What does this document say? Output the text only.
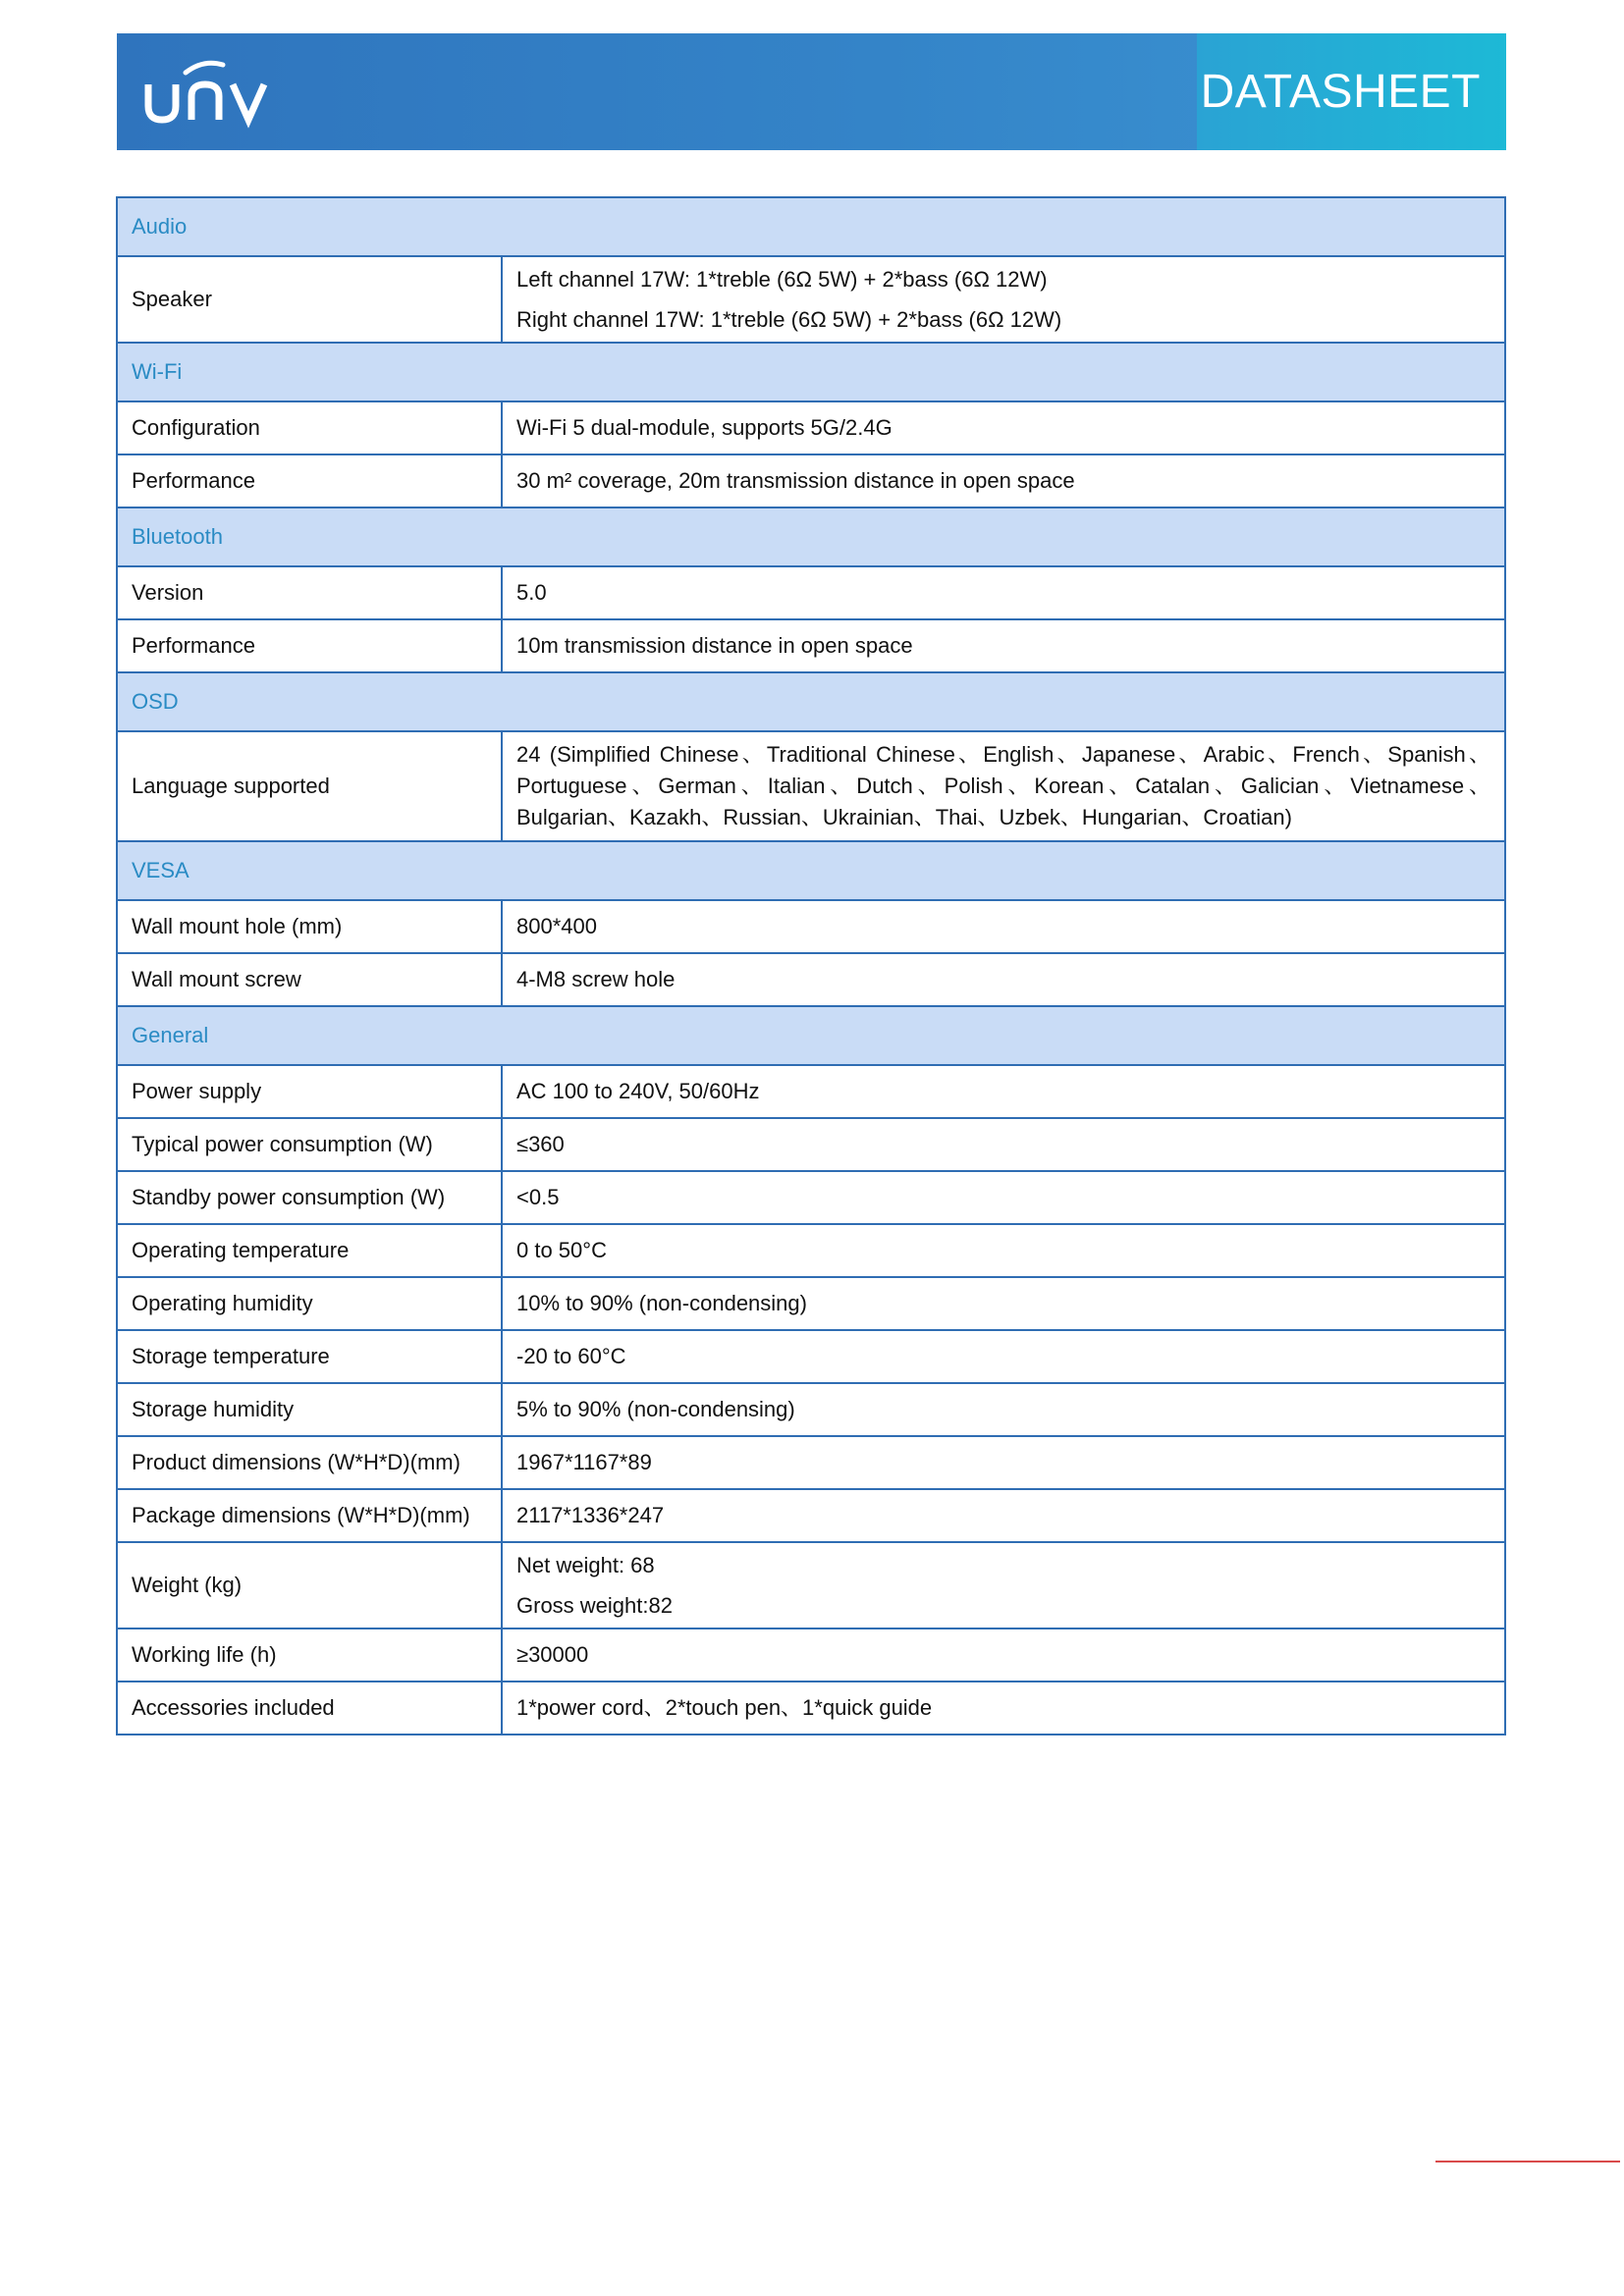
DATASHEET
Audio	
Speaker	Left channel 17W: 1*treble (6Ω 5W) + 2*bass (6Ω 12W)
Right channel 17W: 1*treble (6Ω 5W) + 2*bass (6Ω 12W)

Wi-Fi	
Configuration	Wi-Fi 5 dual-module, supports 5G/2.4G
Performance	30 m² coverage, 20m transmission distance in open space
Bluetooth	
Version	5.0
Performance	10m transmission distance in open space
OSD	
Language supported	24 (Simplified Chinese、Traditional Chinese、English、Japanese、Arabic、French、Spanish、Portuguese、German、Italian、Dutch、Polish、Korean、Catalan、Galician、Vietnamese、Bulgarian、Kazakh、Russian、Ukrainian、Thai、Uzbek、Hungarian、Croatian)

VESA	
Wall mount hole (mm)	800*400
Wall mount screw	4-M8 screw hole
General	
Power supply	AC 100 to 240V, 50/60Hz
Typical power consumption (W)	≤360
Standby power consumption (W)	<0.5
Operating temperature	0 to 50°C
Operating humidity	10% to 90% (non-condensing)
Storage temperature	-20 to 60°C
Storage humidity	5% to 90% (non-condensing)
Product dimensions (W*H*D)(mm)	1967*1167*89
Package dimensions (W*H*D)(mm)	2117*1336*247
Weight (kg)	Net weight: 68
Gross weight:82

Working life (h)	≥30000
Accessories included	1*power cord、2*touch pen、1*quick guide
